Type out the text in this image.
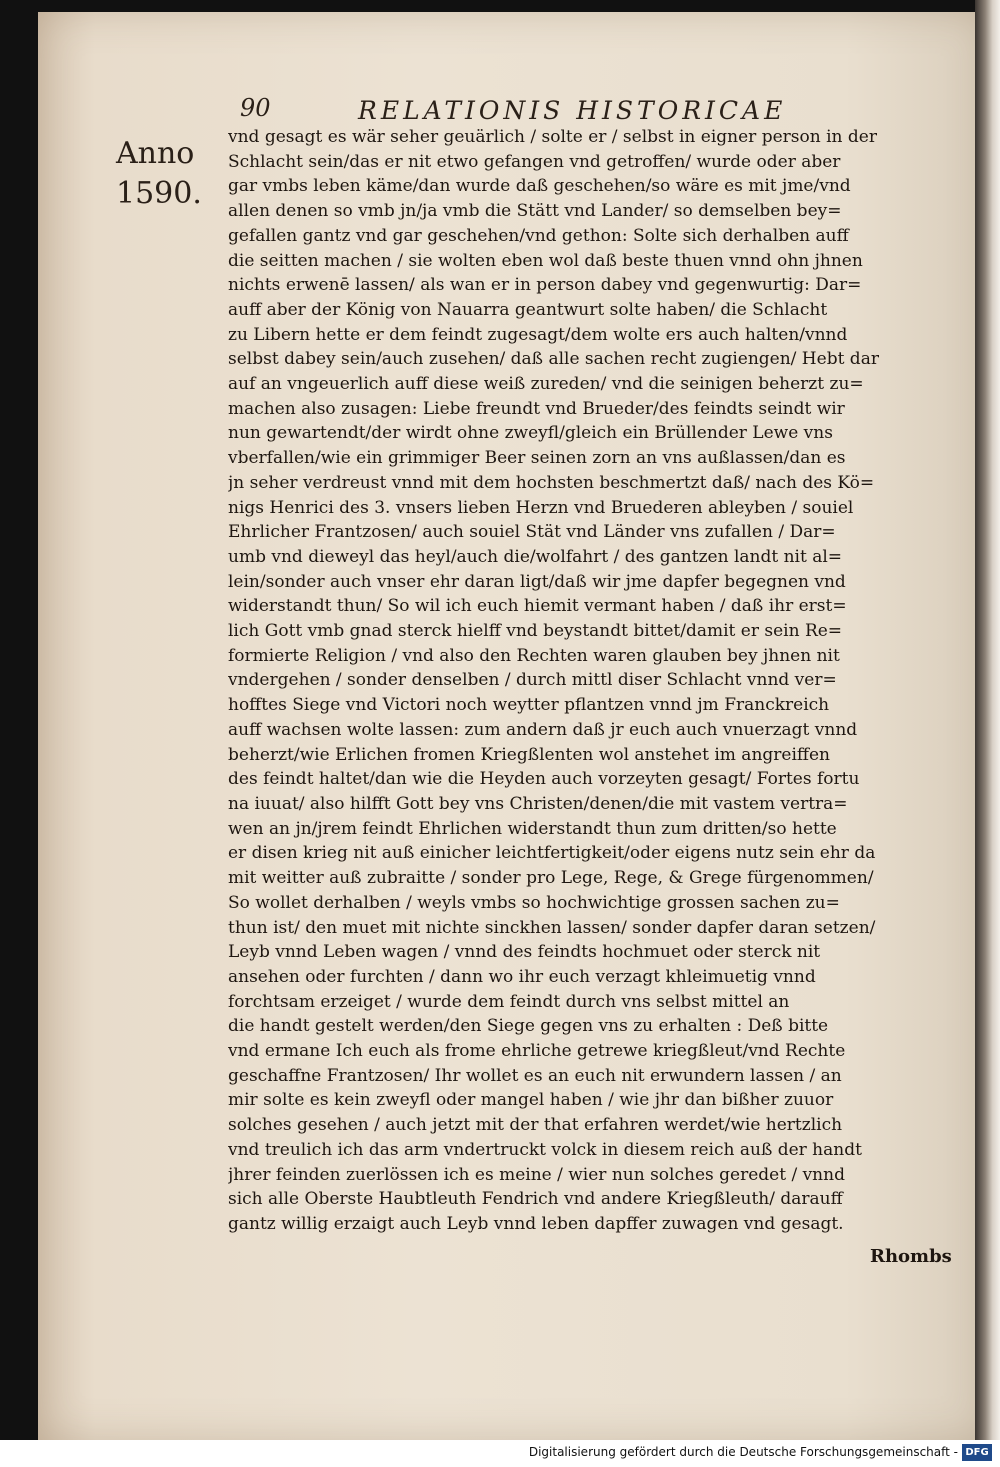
90	RELATIONIS HISTORICAE
Anno
1590.
vnd gesagt es wär seher geuärlich / solte er / selbst in eigner person in der
Schlacht sein/das er nit etwo gefangen vnd getroffen/ wurde oder aber
gar vmbs leben käme/dan wurde daß geschehen/so wäre es mit jme/vnd
allen denen so vmb jn/ja vmb die Stätt vnd Lander/ so demselben bey=
gefallen gantz vnd gar geschehen/vnd gethon: Solte sich derhalben auff
die seitten machen / sie wolten eben wol daß beste thuen vnnd ohn jhnen
nichts erwenē lassen/ als wan er in person dabey vnd gegenwurtig: Dar=
auff aber der König von Nauarra geantwurt solte haben/ die Schlacht
zu Libern hette er dem feindt zugesagt/dem wolte ers auch halten/vnnd
selbst dabey sein/auch zusehen/ daß alle sachen recht zugiengen/ Hebt dar
auf an vngeuerlich auff diese weiß zureden/ vnd die seinigen beherzt zu=
machen also zusagen: Liebe freundt vnd Brueder/des feindts seindt wir
nun gewartendt/der wirdt ohne zweyfl/gleich ein Brüllender Lewe vns
vberfallen/wie ein grimmiger Beer seinen zorn an vns außlassen/dan es
jn seher verdreust vnnd mit dem hochsten beschmertzt daß/ nach des Kö=
nigs Henrici des 3. vnsers lieben Herzn vnd Bruederen ableyben / souiel
Ehrlicher Frantzosen/ auch souiel Stät vnd Länder vns zufallen / Dar=
umb vnd dieweyl das heyl/auch die/wolfahrt / des gantzen landt nit al=
lein/sonder auch vnser ehr daran ligt/daß wir jme dapfer begegnen vnd
widerstandt thun/ So wil ich euch hiemit vermant haben / daß ihr erst=
lich Gott vmb gnad sterck hielff vnd beystandt bittet/damit er sein Re=
formierte Religion / vnd also den Rechten waren glauben bey jhnen nit
vndergehen / sonder denselben / durch mittl diser Schlacht vnnd ver=
hofftes Siege vnd Victori noch weytter pflantzen vnnd jm Franckreich
auff wachsen wolte lassen: zum andern daß jr euch auch vnuerzagt vnnd
beherzt/wie Erlichen fromen Kriegßlenten wol anstehet im angreiffen
des feindt haltet/dan wie die Heyden auch vorzeyten gesagt/ Fortes fortu
na iuuat/ also hilfft Gott bey vns Christen/denen/die mit vastem vertra=
wen an jn/jrem feindt Ehrlichen widerstandt thun zum dritten/so hette
er disen krieg nit auß einicher leichtfertigkeit/oder eigens nutz sein ehr da
mit weitter auß zubraitte / sonder pro Lege, Rege, & Grege fürgenommen/
So wollet derhalben / weyls vmbs so hochwichtige grossen sachen zu=
thun ist/ den muet mit nichte sinckhen lassen/ sonder dapfer daran setzen/
Leyb vnnd Leben wagen / vnnd des feindts hochmuet oder sterck nit
ansehen oder furchten / dann wo ihr euch verzagt khleimuetig vnnd
forchtsam erzeiget / wurde dem feindt durch vns selbst mittel an
die handt gestelt werden/den Siege gegen vns zu erhalten : Deß bitte
vnd ermane Ich euch als frome ehrliche getrewe kriegßleut/vnd Rechte
geschaffne Frantzosen/ Ihr wollet es an euch nit erwundern lassen / an
mir solte es kein zweyfl oder mangel haben / wie jhr dan bißher zuuor
solches gesehen / auch jetzt mit der that erfahren werdet/wie hertzlich
vnd treulich ich das arm vndertruckt volck in diesem reich auß der handt
jhrer feinden zuerlössen ich es meine / wier nun solches geredet / vnnd
sich alle Oberste Haubtleuth Fendrich vnd andere Kriegßleuth/ darauff
gantz willig erzaigt auch Leyb vnnd leben dapffer zuwagen vnd gesagt.
Rhombs
Digitalisierung gefördert durch die Deutsche Forschungsgemeinschaft - DFG
